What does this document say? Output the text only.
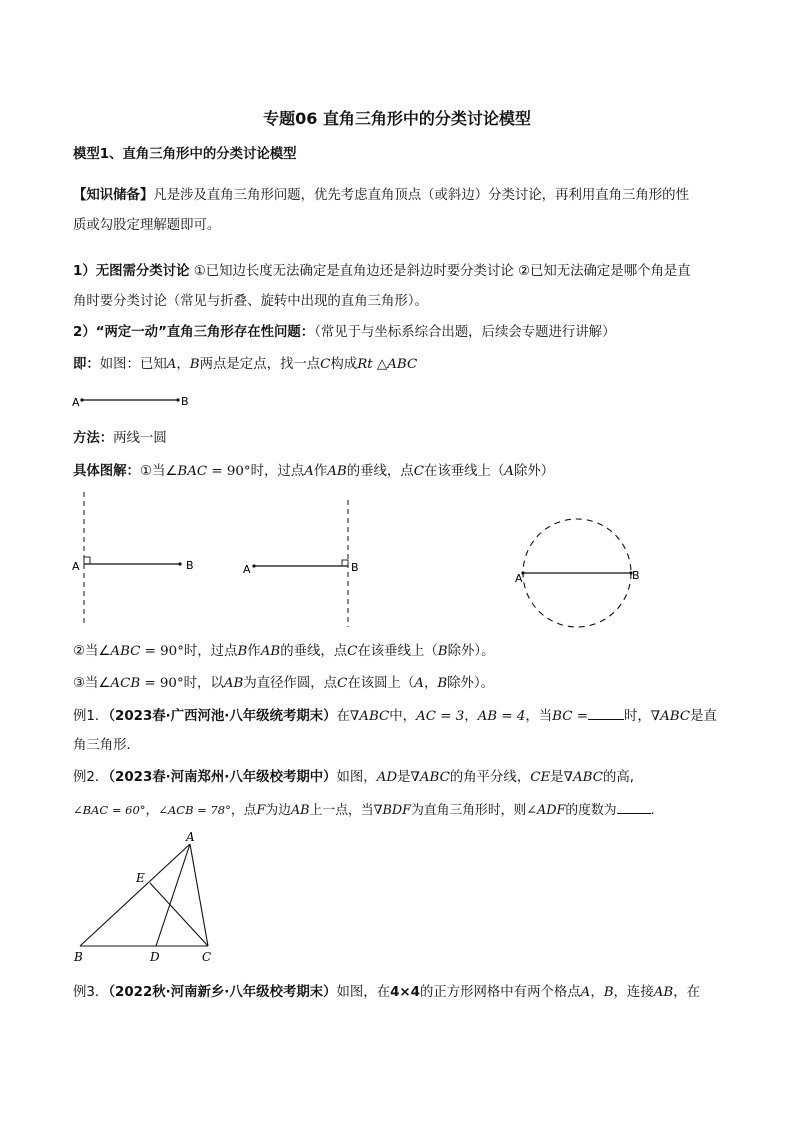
专题06 直角三角形中的分类讨论模型
模型1、直角三角形中的分类讨论模型
【知识储备】凡是涉及直角三角形问题，优先考虑直角顶点（或斜边）分类讨论，再利用直角三角形的性
质或勾股定理解题即可。
1）无图需分类讨论 ①已知边长度无法确定是直角边还是斜边时要分类讨论 ②已知无法确定是哪个角是直
角时要分类讨论（常见与折叠、旋转中出现的直角三角形）。
2）“两定一动”直角三角形存在性问题：（常见于与坐标系综合出题，后续会专题进行讲解）
即：如图：已知A，B两点是定点，找一点C构成Rt △ABC
A	B
方法：两线一圆
具体图解：①当∠BAC = 90°时，过点A作AB的垂线，点C在该垂线上（A除外）
A	B	A	B
A	B
②当∠ABC = 90°时，过点B作AB的垂线，点C在该垂线上（B除外）。
③当∠ACB = 90°时，以AB为直径作圆，点C在该圆上（A，B除外）。
例1．（2023春·广西河池·八年级统考期末）在∇ABC中，AC = 3，AB = 4，当BC =	时，∇ABC是直
角三角形．
例2．（2023春·河南郑州·八年级校考期中）如图，AD是∇ABC的角平分线，CE是∇ABC的高,
∠BAC = 60°，∠ACB = 78°，点F为边AB上一点，当∇BDF为直角三角形时，则∠ADF的度数为	.
A
E
B	D	C
例3．（2022秋·河南新乡·八年级校考期末）如图，在4×4的正方形网格中有两个格点A，B，连接AB，在
